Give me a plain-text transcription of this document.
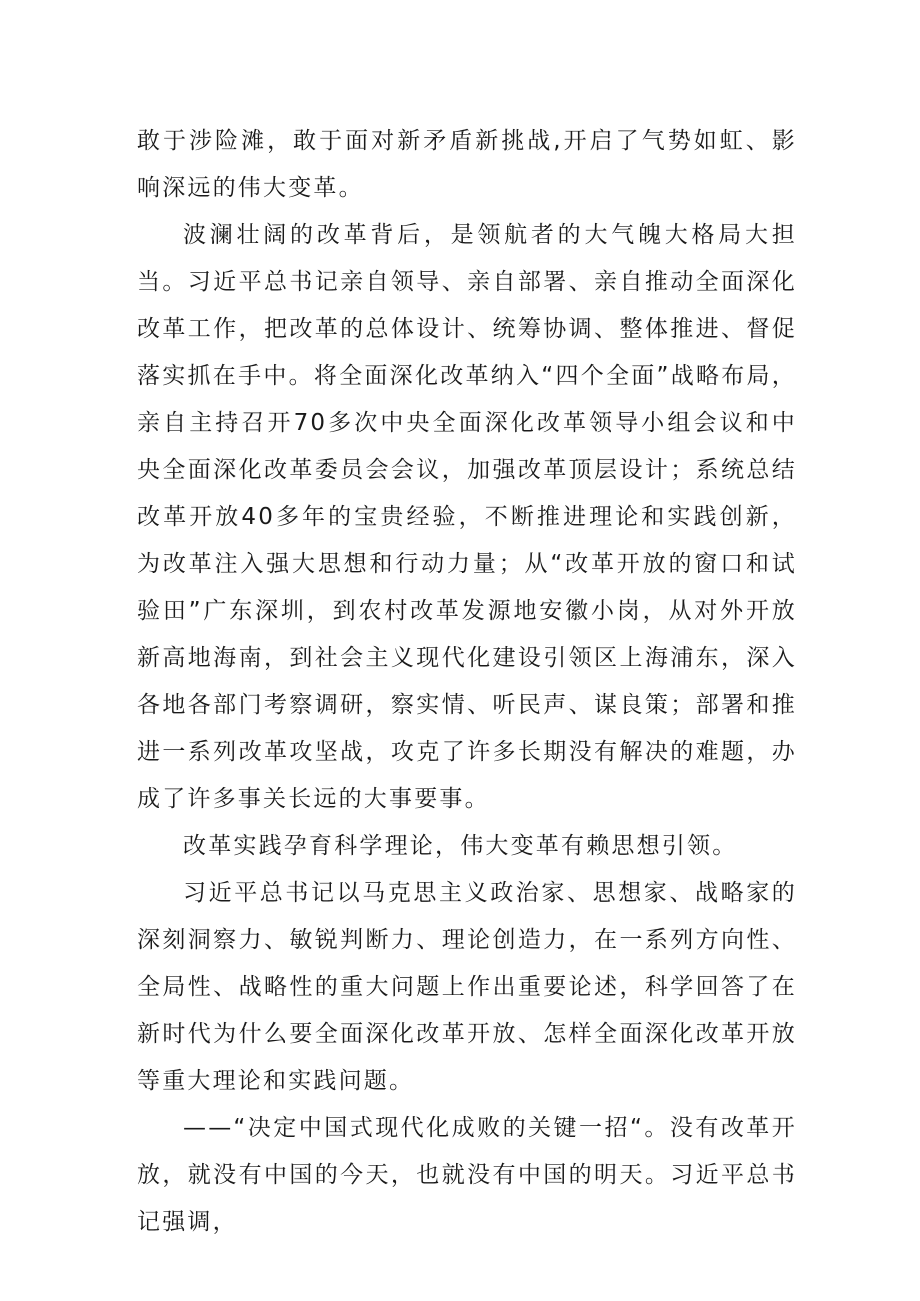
敢于涉险滩，敢于面对新矛盾新挑战,开启了气势如虹、影响深远的伟大变革。

波澜壮阔的改革背后，是领航者的大气魄大格局大担当。习近平总书记亲自领导、亲自部署、亲自推动全面深化改革工作，把改革的总体设计、统筹协调、整体推进、督促落实抓在手中。将全面深化改革纳入“四个全面”战略布局，亲自主持召开70多次中央全面深化改革领导小组会议和中央全面深化改革委员会会议，加强改革顶层设计；系统总结改革开放40多年的宝贵经验，不断推进理论和实践创新，为改革注入强大思想和行动力量；从“改革开放的窗口和试验田”广东深圳，到农村改革发源地安徽小岗，从对外开放新高地海南，到社会主义现代化建设引领区上海浦东，深入各地各部门考察调研，察实情、听民声、谋良策；部署和推进一系列改革攻坚战，攻克了许多长期没有解决的难题，办成了许多事关长远的大事要事。

改革实践孕育科学理论，伟大变革有赖思想引领。

习近平总书记以马克思主义政治家、思想家、战略家的深刻洞察力、敏锐判断力、理论创造力，在一系列方向性、全局性、战略性的重大问题上作出重要论述，科学回答了在新时代为什么要全面深化改革开放、怎样全面深化改革开放等重大理论和实践问题。

——“决定中国式现代化成败的关键一招“。没有改革开放，就没有中国的今天，也就没有中国的明天。习近平总书记强调，
